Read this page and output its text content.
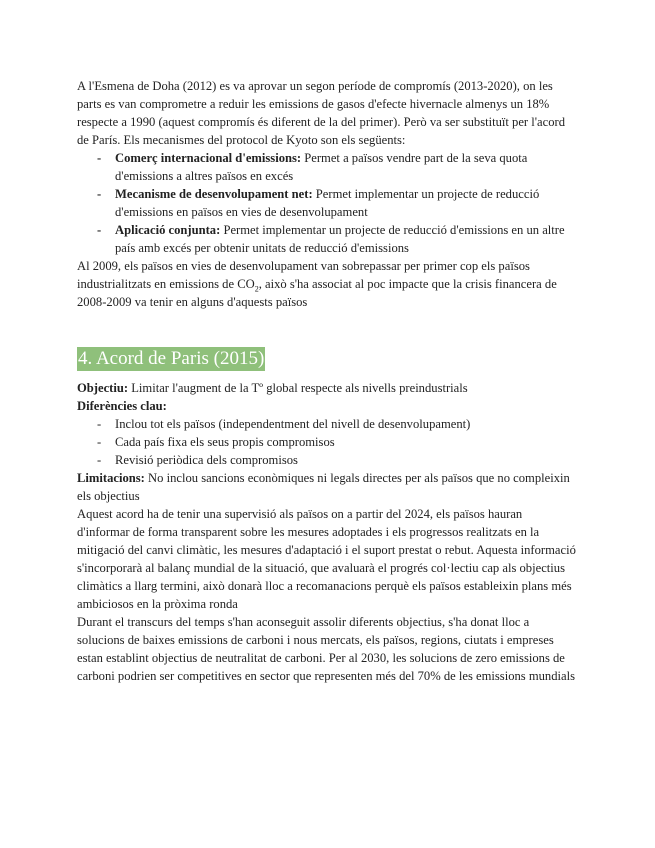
A l'Esmena de Doha (2012) es va aprovar un segon període de compromís (2013-2020), on les parts es van comprometre a reduir les emissions de gasos d'efecte hivernacle almenys un 18% respecte a 1990 (aquest compromís és diferent de la del primer). Però va ser substituït per l'acord de París. Els mecanismes del protocol de Kyoto son els següents:

- Comerç internacional d'emissions: Permet a països vendre part de la seva quota d'emissions a altres països en excés
- Mecanisme de desenvolupament net: Permet implementar un projecte de reducció d'emissions en països en vies de desenvolupament
- Aplicació conjunta: Permet implementar un projecte de reducció d'emissions en un altre país amb excés per obtenir unitats de reducció d'emissions

Al 2009, els països en vies de desenvolupament van sobrepassar per primer cop els països industrialitzats en emissions de $CO_2$, això s'ha associat al poc impacte que la crisis financera de 2008-2009 va tenir en alguns d'aquests països

4. Acord de Paris (2015)

Objectiu: Limitar l'augment de la Tº global respecte als nivells preindustrials

Diferències clau:

- Inclou tot els països (independentment del nivell de desenvolupament)
- Cada país fixa els seus propis compromisos
- Revisió periòdica dels compromisos

Limitacions: No inclou sancions econòmiques ni legals directes per als països que no compleixin els objectius

Aquest acord ha de tenir una supervisió als països on a partir del 2024, els països hauran d'informar de forma transparent sobre les mesures adoptades i els progressos realitzats en la mitigació del canvi climàtic, les mesures d'adaptació i el suport prestat o rebut. Aquesta informació s'incorporarà al balanç mundial de la situació, que avaluarà el progrés col·lectiu cap als objectius climàtics a llarg termini, això donarà lloc a recomanacions perquè els països estableixin plans més ambiciosos en la pròxima ronda

Durant el transcurs del temps s'han aconseguit assolir diferents objectius, s'ha donat lloc a solucions de baixes emissions de carboni i nous mercats, els països, regions, ciutats i empreses estan establint objectius de neutralitat de carboni. Per al 2030, les solucions de zero emissions de carboni podrien ser competitives en sector que representen més del 70% de les emissions mundials
